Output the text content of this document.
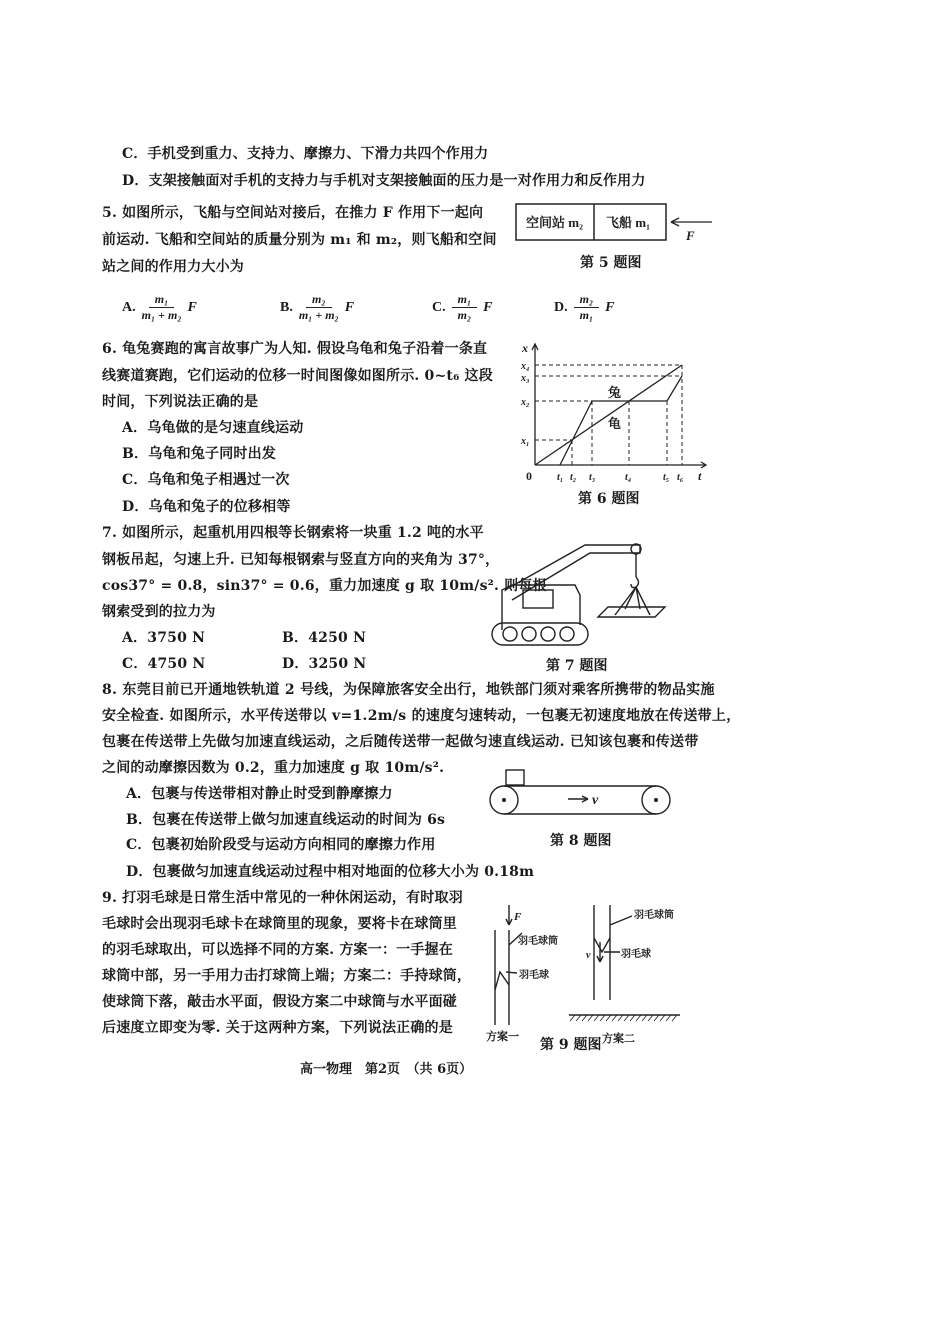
C．手机受到重力、支持力、摩擦力、下滑力共四个作用力
D．支架接触面对手机的支持力与手机对支架接触面的压力是一对作用力和反作用力
5. 如图所示，飞船与空间站对接后，在推力 F 作用下一起向
前运动. 飞船和空间站的质量分别为 m₁ 和 m₂，则飞船和空间
站之间的作用力大小为
空间站 m₂ 飞船 m₁
F
第 5 题图
A. $\frac{\text{m₁}}{\text{m₁ + m₂}}$ F	B. $\frac{\text{m₂}}{\text{m₁ + m₂}}$ F	C. $\frac{\text{m₁}}{\text{m₂}}$ F	D. $\frac{\text{m₂}}{\text{m₁}}$ F
6. 龟兔赛跑的寓言故事广为人知. 假设乌龟和兔子沿着一条直
线赛道赛跑，它们运动的位移一时间图像如图所示. 0~t₆ 这段
时间，下列说法正确的是
A．乌龟做的是匀速直线运动
B．乌龟和兔子同时出发
C．乌龟和兔子相遇过一次
D．乌龟和兔子的位移相等
x
t
0
x₁
x₂
x₃
x₄
t₁ t₂ t₃	t₄	t₅ t₆
兔
龟
第 6 题图
7. 如图所示，起重机用四根等长钢索将一块重 1.2 吨的水平
钢板吊起，匀速上升. 已知每根钢索与竖直方向的夹角为 37°，
cos37° = 0.8，sin37° = 0.6，重力加速度 g 取 10m/s². 则每根
钢索受到的拉力为
A．3750 N	B．4250 N
C．4750 N	D．3250 N	第 7 题图
8. 东莞目前已开通地铁轨道 2 号线，为保障旅客安全出行，地铁部门须对乘客所携带的物品实施
安全检查. 如图所示，水平传送带以 v=1.2m/s 的速度匀速转动，一包裹无初速度地放在传送带上，
包裹在传送带上先做匀加速直线运动，之后随传送带一起做匀速直线运动. 已知该包裹和传送带
之间的动摩擦因数为 0.2，重力加速度 g 取 10m/s².
A．包裹与传送带相对静止时受到静摩擦力
B．包裹在传送带上做匀加速直线运动的时间为 6s
C．包裹初始阶段受与运动方向相同的摩擦力作用
D．包裹做匀加速直线运动过程中相对地面的位移大小为 0.18m
v
第 8 题图
9. 打羽毛球是日常生活中常见的一种休闲运动，有时取羽
毛球时会出现羽毛球卡在球筒里的现象，要将卡在球筒里
的羽毛球取出，可以选择不同的方案. 方案一：一手握在
球筒中部，另一手用力击打球筒上端；方案二：手持球筒，
使球筒下落，敲击水平面，假设方案二中球筒与水平面碰
后速度立即变为零. 关于这两种方案，下列说法正确的是
F
v
羽毛球筒
羽毛球
羽毛球筒
羽毛球
方案一	方案二
第 9 题图
高一物理　第2页　（共 6页）
